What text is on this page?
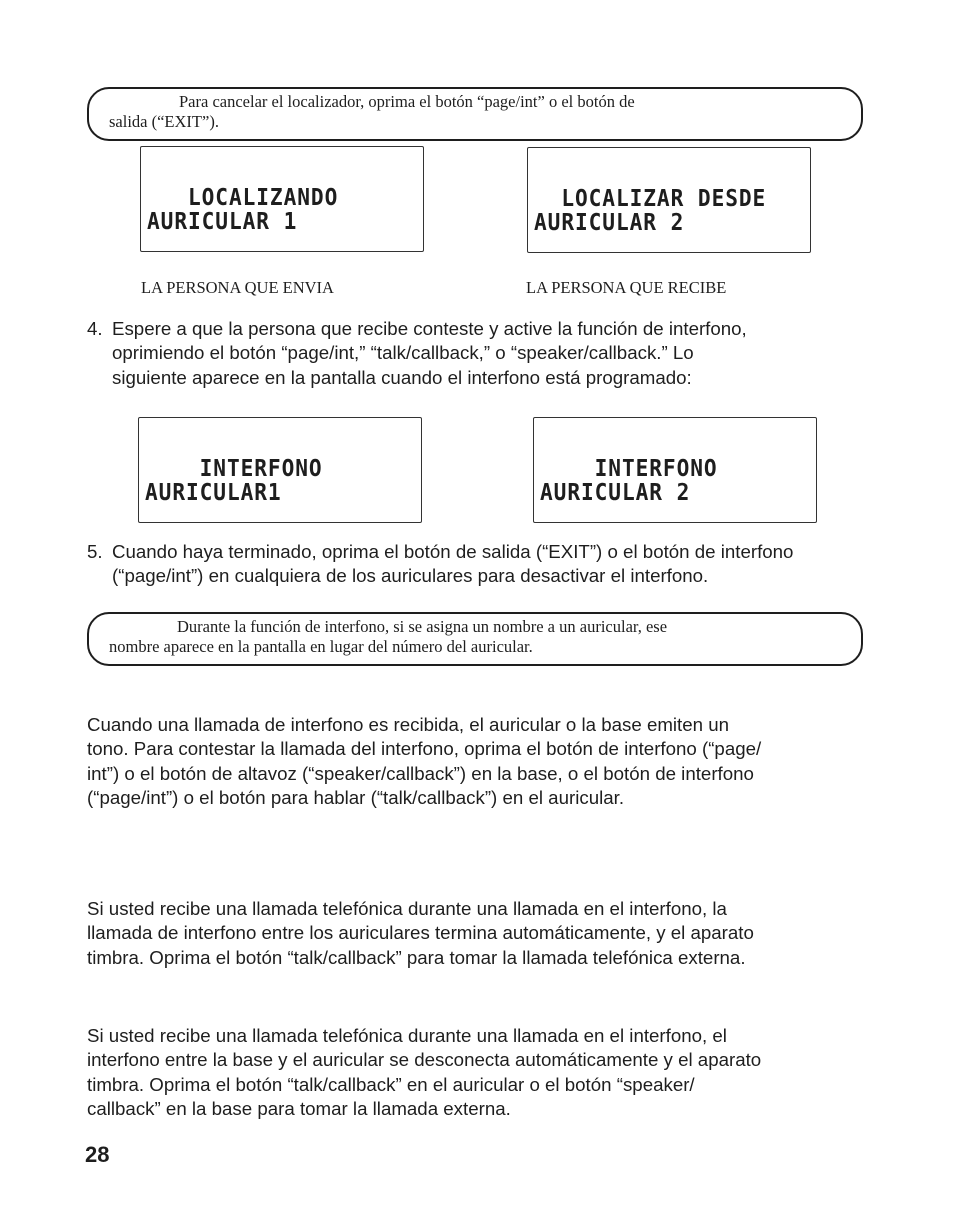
Para cancelar el localizador, oprima el botón “page/int” o el botón de
salida (“EXIT”).
LOCALIZANDO
AURICULAR 1
LOCALIZAR DESDE
AURICULAR 2
LA PERSONA QUE ENVIA	LA PERSONA QUE RECIBE
4. Espere a que la persona que recibe conteste y active la función de interfono,
oprimiendo el botón “page/int,” “talk/callback,” o “speaker/callback.” Lo
siguiente aparece en la pantalla cuando el interfono está programado:
INTERFONO
AURICULAR1
INTERFONO
AURICULAR 2
5. Cuando haya terminado, oprima el botón de salida (“EXIT”) o el botón de interfono
(“page/int”) en cualquiera de los auriculares para desactivar el interfono.
Durante la función de interfono, si se asigna un nombre a un auricular, ese
nombre aparece en la pantalla en lugar del número del auricular.
Cuando una llamada de interfono es recibida, el auricular o la base emiten un
tono. Para contestar la llamada del interfono, oprima el botón de interfono (“page/
int”) o el botón de altavoz (“speaker/callback”) en la base, o el botón de interfono
(“page/int”) o el botón para hablar (“talk/callback”) en el auricular.
Si usted recibe una llamada telefónica durante una llamada en el interfono, la
llamada de interfono entre los auriculares termina automáticamente, y el aparato
timbra. Oprima el botón “talk/callback” para tomar la llamada telefónica externa.
Si usted recibe una llamada telefónica durante una llamada en el interfono, el
interfono entre la base y el auricular se desconecta automáticamente y el aparato
timbra. Oprima el botón “talk/callback” en el auricular o el botón “speaker/
callback” en la base para tomar la llamada externa.
28
